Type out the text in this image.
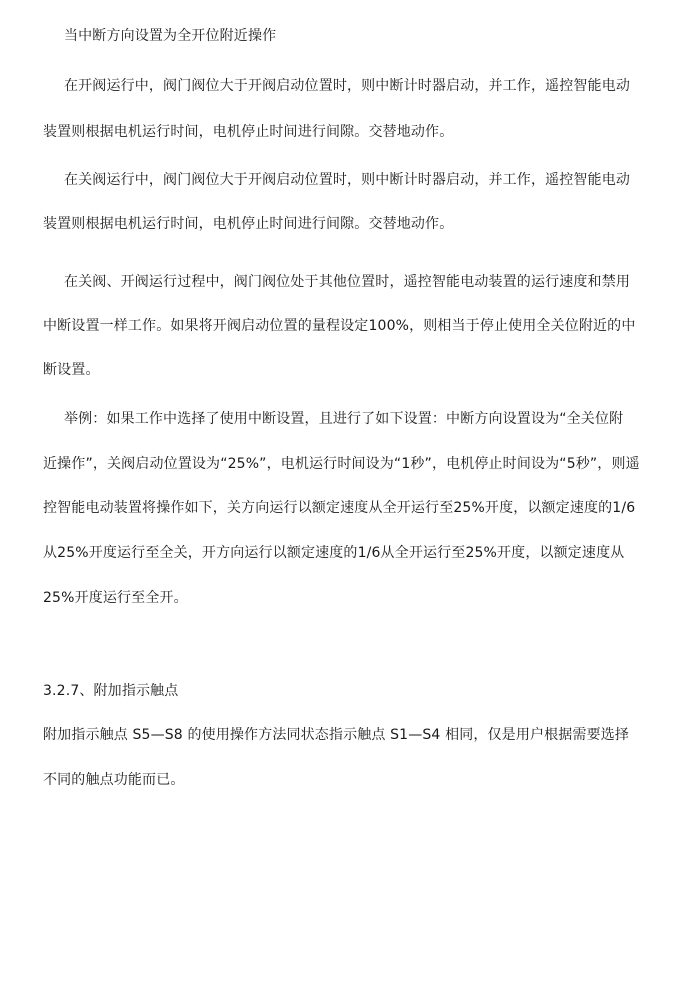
当中断方向设置为全开位附近操作
在开阀运行中，阀门阀位大于开阀启动位置时，则中断计时器启动，并工作，遥控智能电动
装置则根据电机运行时间，电机停止时间进行间隙。交替地动作。
在关阀运行中，阀门阀位大于开阀启动位置时，则中断计时器启动，并工作，遥控智能电动
装置则根据电机运行时间，电机停止时间进行间隙。交替地动作。
在关阀、开阀运行过程中，阀门阀位处于其他位置时，遥控智能电动装置的运行速度和禁用
中断设置一样工作。如果将开阀启动位置的量程设定100%，则相当于停止使用全关位附近的中
断设置。
举例：如果工作中选择了使用中断设置，且进行了如下设置：中断方向设置设为“全关位附
近操作”，关阀启动位置设为“25%”，电机运行时间设为“1秒”，电机停止时间设为“5秒”，则遥
控智能电动装置将操作如下，关方向运行以额定速度从全开运行至25%开度，以额定速度的1/6
从25%开度运行至全关，开方向运行以额定速度的1/6从全开运行至25%开度，以额定速度从
25%开度运行至全开。
3.2.7、附加指示触点
附加指示触点 S5—S8 的使用操作方法同状态指示触点 S1—S4 相同，仅是用户根据需要选择
不同的触点功能而已。
